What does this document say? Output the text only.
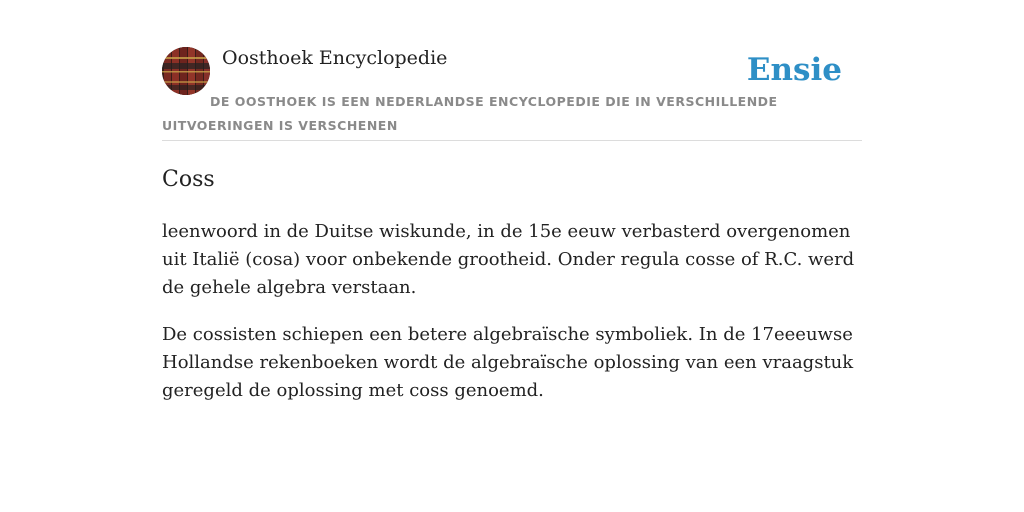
Oosthoek Encyclopedie	Ensie
DE OOSTHOEK IS EEN NEDERLANDSE ENCYCLOPEDIE DIE IN VERSCHILLENDE UITVOERINGEN IS VERSCHENEN
Coss

leenwoord in de Duitse wiskunde, in de 15e eeuw verbasterd overgenomen uit Italië (cosa) voor onbekende grootheid. Onder regula cosse of R.C. werd de gehele algebra verstaan.

De cossisten schiepen een betere algebraïsche symboliek. In de 17eeeuwse Hollandse rekenboeken wordt de algebraïsche oplossing van een vraagstuk geregeld de oplossing met coss genoemd.
